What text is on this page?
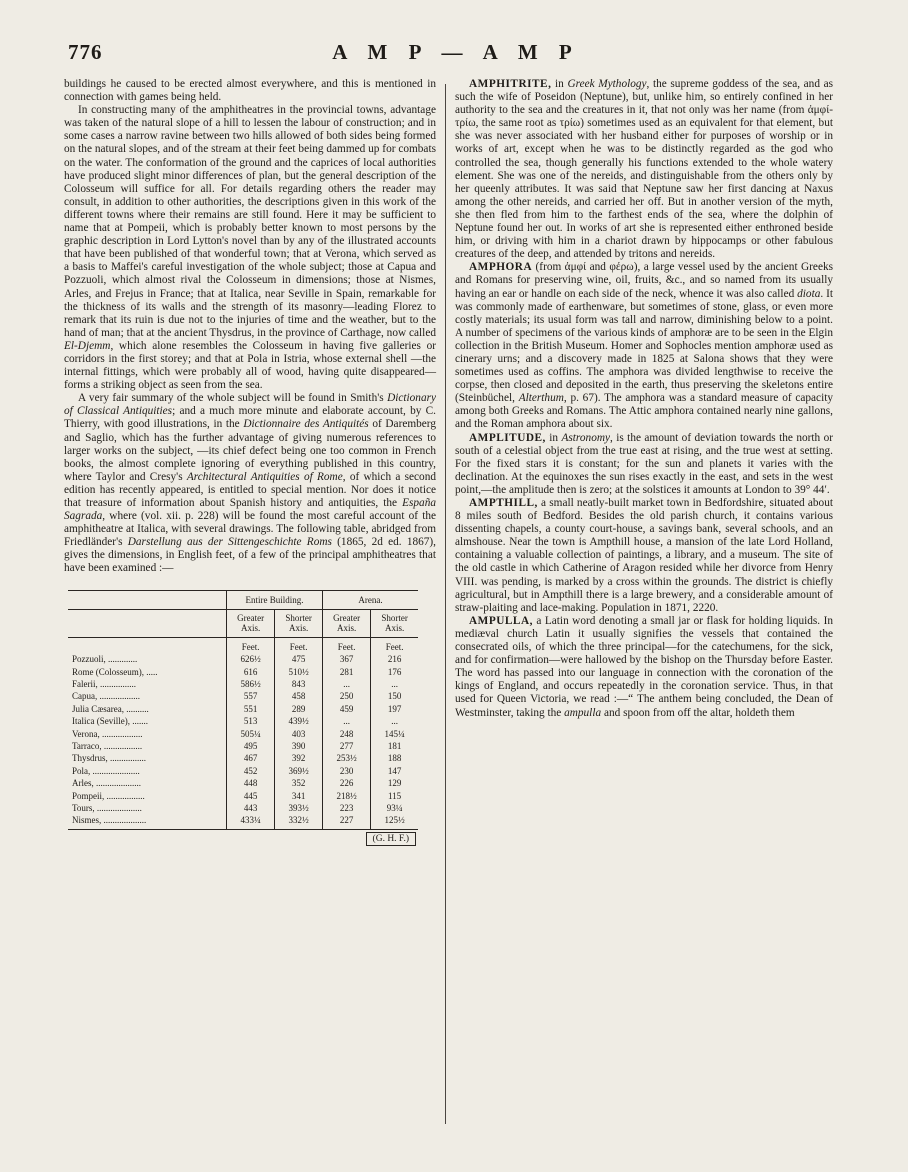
776	A M P — A M P

buildings he caused to be erected almost everywhere, and this is mentioned in connection with games being held.

In constructing many of the amphitheatres in the provincial towns, advantage was taken of the natural slope of a hill to lessen the labour of construction; and in some cases a narrow ravine between two hills allowed of both sides being formed on the natural slopes, and of the stream at their feet being dammed up for combats on the water. The conformation of the ground and the caprices of local authorities have produced slight minor differences of plan, but the general description of the Colosseum will suffice for all. For details regarding others the reader may consult, in addition to other authorities, the descriptions given in this work of the different towns where their remains are still found. Here it may be sufficient to name that at Pompeii, which is probably better known to most persons by the graphic description in Lord Lytton's novel than by any of the illustrated accounts that have been published of that wonderful town; that at Verona, which served as a basis to Maffei's careful investigation of the whole subject; those at Capua and Pozzuoli, which almost rival the Colosseum in dimensions; those at Nismes, Arles, and Frejus in France; that at Italica, near Seville in Spain, remarkable for the thickness of its walls and the strength of its masonry—leading Florez to remark that its ruin is due not to the injuries of time and the weather, but to the hand of man; that at the ancient Thysdrus, in the province of Carthage, now called El-Djemm, which alone resembles the Colosseum in having five galleries or corridors in the first storey; and that at Pola in Istria, whose external shell —the internal fittings, which were probably all of wood, having quite disappeared—forms a striking object as seen from the sea.

A very fair summary of the whole subject will be found in Smith's Dictionary of Classical Antiquities; and a much more minute and elaborate account, by C. Thierry, with good illustrations, in the Dictionnaire des Antiquités of Daremberg and Saglio, which has the further advantage of giving numerous references to larger works on the subject, —its chief defect being one too common in French books, the almost complete ignoring of everything published in this country, where Taylor and Cresy's Architectural Antiquities of Rome, of which a second edition has recently appeared, is entitled to special mention. Nor does it notice that treasure of information about Spanish history and antiquities, the España Sagrada, where (vol. xii. p. 228) will be found the most careful account of the amphitheatre at Italica, with several drawings. The following table, abridged from Friedländer's Darstellung aus der Sittengeschichte Roms (1865, 2d ed. 1867), gives the dimensions, in English feet, of a few of the principal amphitheatres that have been examined :—

	Entire Building.		Arena.	
	Greater Axis.	Shorter Axis.	Greater Axis.	Shorter Axis.
	Feet.	Feet.	Feet.	Feet.
Pozzuoli, .............	626½	475	367	216
Rome (Colosseum), .....	616	510½	281	176
Falerii, ................	586½	843	...	...
Capua, ..................	557	458	250	150
Julia Cæsarea, ..........	551	289	459	197
Italica (Seville), .......	513	439½	...	...
Verona, ..................	505¼	403	248	145¼
Tarraco, .................	495	390	277	181
Thysdrus, ................	467	392	253½	188
Pola, .....................	452	369½	230	147
Arles, ....................	448	352	226	129
Pompeii, .................	445	341	218½	115
Tours, ....................	443	393½	223	93¼
Nismes, ...................	433¼	332½	227	125½
(G. H. F.)

AMPHITRITE, in Greek Mythology, the supreme goddess of the sea, and as such the wife of Poseidon (Neptune), but, unlike him, so entirely confined in her authority to the sea and the creatures in it, that not only was her name (from ἀμφί-τρίω, the same root as τρίω) sometimes used as an equivalent for that element, but she was never associated with her husband either for purposes of worship or in works of art, except when he was to be distinctly regarded as the god who controlled the sea, though generally his functions extended to the whole watery element. She was one of the nereids, and distinguishable from the others only by her queenly attributes. It was said that Neptune saw her first dancing at Naxus among the other nereids, and carried her off. But in another version of the myth, she then fled from him to the farthest ends of the sea, where the dolphin of Neptune found her out. In works of art she is represented either enthroned beside him, or driving with him in a chariot drawn by hippocamps or other fabulous creatures of the deep, and attended by tritons and nereids.

AMPHORA (from ἀμφί and φέρω), a large vessel used by the ancient Greeks and Romans for preserving wine, oil, fruits, &c., and so named from its usually having an ear or handle on each side of the neck, whence it was also called diota. It was commonly made of earthenware, but sometimes of stone, glass, or even more costly materials; its usual form was tall and narrow, diminishing below to a point. A number of specimens of the various kinds of amphoræ are to be seen in the Elgin collection in the British Museum. Homer and Sophocles mention amphoræ used as cinerary urns; and a discovery made in 1825 at Salona shows that they were sometimes used as coffins. The amphora was divided lengthwise to receive the corpse, then closed and deposited in the earth, thus preserving the skeletons entire (Steinbüchel, Alterthum, p. 67). The amphora was a standard measure of capacity among both Greeks and Romans. The Attic amphora contained nearly nine gallons, and the Roman amphora about six.

AMPLITUDE, in Astronomy, is the amount of deviation towards the north or south of a celestial object from the true east at rising, and the true west at setting. For the fixed stars it is constant; for the sun and planets it varies with the declination. At the equinoxes the sun rises exactly in the east, and sets in the west point,—the amplitude then is zero; at the solstices it amounts at London to 39° 44′.

AMPTHILL, a small neatly-built market town in Bedfordshire, situated about 8 miles south of Bedford. Besides the old parish church, it contains various dissenting chapels, a county court-house, a savings bank, several schools, and an almshouse. Near the town is Ampthill house, a mansion of the late Lord Holland, containing a valuable collection of paintings, a library, and a museum. The site of the old castle in which Catherine of Aragon resided while her divorce from Henry VIII. was pending, is marked by a cross within the grounds. The district is chiefly agricultural, but in Ampthill there is a large brewery, and a considerable amount of straw-plaiting and lace-making. Population in 1871, 2220.

AMPULLA, a Latin word denoting a small jar or flask for holding liquids. In mediæval church Latin it usually signifies the vessels that contained the consecrated oils, of which the three principal—for the catechumens, for the sick, and for confirmation—were hallowed by the bishop on the Thursday before Easter. The word has passed into our language in connection with the coronation of the kings of England, and occurs repeatedly in the coronation service. Thus, in that used for Queen Victoria, we read :—“ The anthem being concluded, the Dean of Westminster, taking the ampulla and spoon from off the altar, holdeth them
